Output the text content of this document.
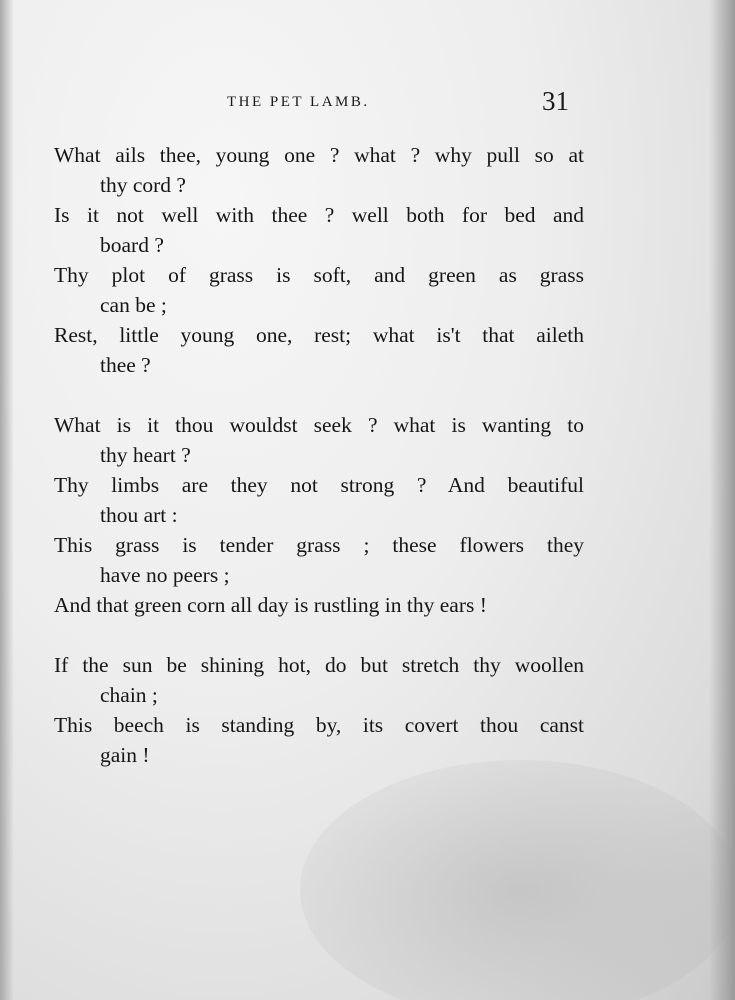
THE PET LAMB.	31
What ails thee, young one ? what ? why pull so at
thy cord ?
Is it not well with thee ? well both for bed and
board ?
Thy plot of grass is soft, and green as grass
can be ;
Rest, little young one, rest; what is't that aileth
thee ?
What is it thou wouldst seek ? what is wanting to
thy heart ?
Thy limbs are they not strong ? And beautiful
thou art :
This grass is tender grass ; these flowers they
have no peers ;
And that green corn all day is rustling in thy ears !
If the sun be shining hot, do but stretch thy woollen
chain ;
This beech is standing by, its covert thou canst
gain !
